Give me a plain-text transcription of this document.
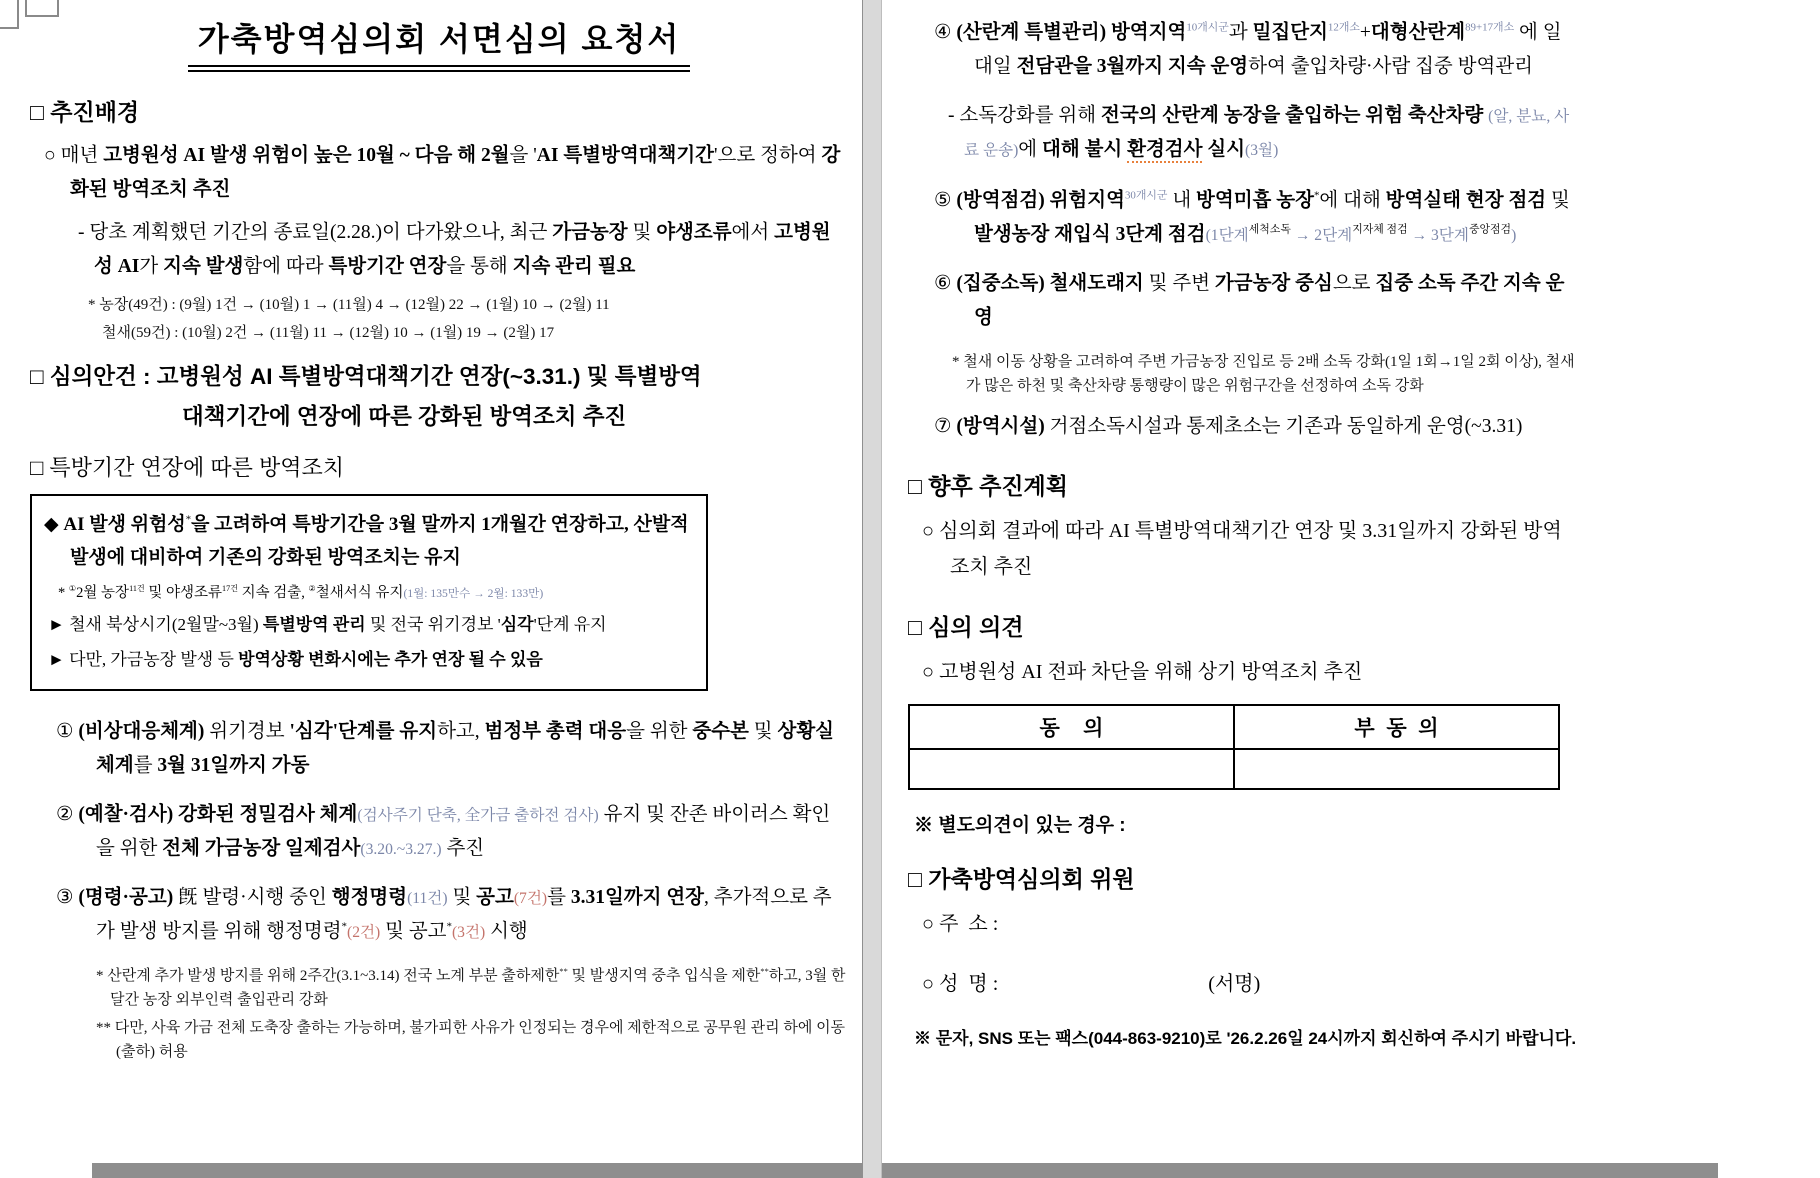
가축방역심의회 서면심의 요청서
□ 추진배경
○ 매년 고병원성 AI 발생 위험이 높은 10월 ~ 다음 해 2월을 'AI 특별방역대책기간'으로 정하여 강화된 방역조치 추진
- 당초 계획했던 기간의 종료일(2.28.)이 다가왔으나, 최근 가금농장 및 야생조류에서 고병원성 AI가 지속 발생함에 따라 특방기간 연장을 통해 지속 관리 필요
* 농장(49건) : (9월) 1건 → (10월) 1 → (11월) 4 → (12월) 22 → (1월) 10 → (2월) 11
철새(59건) : (10월) 2건 → (11월) 11 → (12월) 10 → (1월) 19 → (2월) 17
□ 심의안건 : 고병원성 AI 특별방역대책기간 연장(~3.31.) 및 특별방역
대책기간에 연장에 따른 강화된 방역조치 추진
□ 특방기간 연장에 따른 방역조치
◆ AI 발생 위험성*을 고려하여 특방기간을 3월 말까지 1개월간 연장하고, 산발적 발생에 대비하여 기존의 강화된 방역조치는 유지
* ①2월 농장$^{11건}$ 및 야생조류$^{17건}$ 지속 검출, ②철새서식 유지(1월: 135만수 → 2월: 133만)
► 철새 북상시기(2월말~3월) 특별방역 관리 및 전국 위기경보 '심각'단계 유지
► 다만, 가금농장 발생 등 방역상황 변화시에는 추가 연장 될 수 있음
① (비상대응체계) 위기경보 '심각'단계를 유지하고, 범정부 총력 대응을 위한 중수본 및 상황실 체계를 3월 31일까지 가동
② (예찰·검사) 강화된 정밀검사 체계(검사주기 단축, 全가금 출하전 검사) 유지 및 잔존 바이러스 확인을 위한 전체 가금농장 일제검사(3.20.~3.27.) 추진
③ (명령·공고) 旣 발령·시행 중인 행정명령(11건) 및 공고(7건)를 3.31일까지 연장, 추가적으로 추가 발생 방지를 위해 행정명령*(2건) 및 공고*(3건) 시행
* 산란계 추가 발생 방지를 위해 2주간(3.1~3.14) 전국 노계 부분 출하제한** 및 발생지역 중추 입식을 제한**하고, 3월 한달간 농장 외부인력 출입관리 강화
** 다만, 사육 가금 전체 도축장 출하는 가능하며, 불가피한 사유가 인정되는 경우에 제한적으로 공무원 관리 하에 이동(출하) 허용
④ (산란계 특별관리) 방역지역$^{10개시군}$과 밀집단지$^{12개소}$+대형산란계$^{89+17개소}$ 에 일대일 전담관을 3월까지 지속 운영하여 출입차량·사람 집중 방역관리
- 소독강화를 위해 전국의 산란계 농장을 출입하는 위험 축산차량 (알, 분뇨, 사료 운송)에 대해 불시 환경검사 실시(3월)
⑤ (방역점검) 위험지역$^{30개시군}$ 내 방역미흡 농장*에 대해 방역실태 현장 점검 및 발생농장 재입식 3단계 점검(1단계$^{세척소독}$ → 2단계$^{지자체 점검}$ → 3단계$^{중앙점검}$)
⑥ (집중소독) 철새도래지 및 주변 가금농장 중심으로 집중 소독 주간 지속 운영
* 철새 이동 상황을 고려하여 주변 가금농장 진입로 등 2배 소독 강화(1일 1회→1일 2회 이상), 철새가 많은 하천 및 축산차량 통행량이 많은 위험구간을 선정하여 소독 강화
⑦ (방역시설) 거점소독시설과 통제초소는 기존과 동일하게 운영(~3.31)
□ 향후 추진계획
○ 심의회 결과에 따라 AI 특별방역대책기간 연장 및 3.31일까지 강화된 방역조치 추진
□ 심의 의견
○ 고병원성 AI 전파 차단을 위해 상기 방역조치 추진
동    의	부  동  의

※ 별도의견이 있는 경우 :
□ 가축방역심의회 위원
○ 주  소 :
○ 성  명 :	(서명)
※ 문자, SNS 또는 팩스(044-863-9210)로 '26.2.26일 24시까지 회신하여 주시기 바랍니다.
